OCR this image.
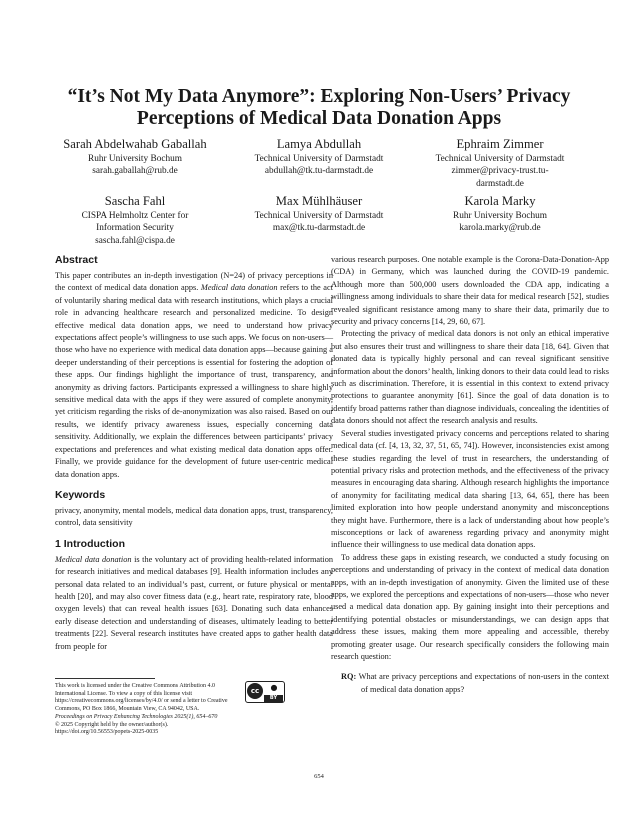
“It’s Not My Data Anymore”: Exploring Non-Users’ Privacy Perceptions of Medical Data Donation Apps
Sarah Abdelwahab Gaballah
Ruhr University Bochum
sarah.gaballah@rub.de
Lamya Abdullah
Technical University of Darmstadt
abdullah@tk.tu-darmstadt.de
Ephraim Zimmer
Technical University of Darmstadt
zimmer@privacy-trust.tu-
darmstadt.de
Sascha Fahl
CISPA Helmholtz Center for
Information Security
sascha.fahl@cispa.de
Max Mühlhäuser
Technical University of Darmstadt
max@tk.tu-darmstadt.de
Karola Marky
Ruhr University Bochum
karola.marky@rub.de
Abstract

This paper contributes an in-depth investigation (N=24) of privacy perceptions in the context of medical data donation apps. Medical data donation refers to the act of voluntarily sharing medical data with research institutions, which plays a crucial role in advancing healthcare research and personalized medicine. To design effective medical data donation apps, we need to understand how privacy expectations affect people’s willingness to use such apps. We focus on non-users—those who have no experience with medical data donation apps—because gaining a deeper understanding of their perceptions is essential for fostering the adoption of these apps. Our findings highlight the importance of trust, transparency, and anonymity as driving factors. Participants expressed a willingness to share highly sensitive medical data with the apps if they were assured of complete anonymity, yet criticism regarding the risks of de-anonymization was also raised. Based on our results, we identify privacy awareness issues, especially concerning data sensitivity. Additionally, we explain the differences between participants’ privacy expectations and preferences and what existing medical data donation apps offer. Finally, we provide guidance for the development of future user-centric medical data donation apps.

Keywords

privacy, anonymity, mental models, medical data donation apps, trust, transparency, control, data sensitivity

1 Introduction

Medical data donation is the voluntary act of providing health-related information for research initiatives and medical databases [9]. Health information includes any personal data related to an individual’s past, current, or future physical or mental health [20], and may also cover fitness data (e.g., heart rate, respiratory rate, blood oxygen levels) that can reveal health issues [63]. Donating such data enhances early disease detection and understanding of diseases, ultimately leading to better treatments [22]. Several research institutes have created apps to gather health data from people for

various research purposes. One notable example is the Corona-Data-Donation-App (CDA) in Germany, which was launched during the COVID-19 pandemic. Although more than 500,000 users downloaded the CDA app, indicating a willingness among individuals to share their data for medical research [52], studies revealed significant resistance among many to share their data, primarily due to security and privacy concerns [14, 29, 60, 67].

Protecting the privacy of medical data donors is not only an ethical imperative but also ensures their trust and willingness to share their data [18, 64]. Given that donated data is typically highly personal and can reveal significant sensitive information about the donors’ health, linking donors to their data could lead to risks such as discrimination. Therefore, it is essential in this context to extend privacy protections to guarantee anonymity [61]. Since the goal of data donation is to identify broad patterns rather than diagnose individuals, concealing the identities of data donors should not affect the research analysis and results.

Several studies investigated privacy concerns and perceptions related to sharing medical data (cf. [4, 13, 32, 37, 51, 65, 74]). However, inconsistencies exist among these studies regarding the level of trust in researchers, the understanding of potential privacy risks and protection methods, and the effectiveness of the privacy measures in encouraging data sharing. Although research highlights the importance of anonymity for facilitating medical data sharing [13, 64, 65], there has been limited exploration into how people understand anonymity and misconceptions they might have. Furthermore, there is a lack of understanding about how people’s misconceptions or lack of awareness regarding privacy and anonymity might influence their willingness to use medical data donation apps.

To address these gaps in existing research, we conducted a study focusing on perceptions and understanding of privacy in the context of medical data donation apps, with an in-depth investigation of anonymity. Given the limited use of these apps, we explored the perceptions and expectations of non-users—those who never used a medical data donation app. By gaining insight into their perceptions and identifying potential obstacles or misunderstandings, we can design apps that address these issues, making them more appealing and accessible, thereby promoting greater usage. Our research specifically considers the following main research question:

RQ: What are privacy perceptions and expectations of non-users in the context of medical data donation apps?

This work is licensed under the Creative Commons Attribution 4.0 International License. To view a copy of this license visit https://creativecommons.org/licenses/by/4.0/ or send a letter to Creative Commons, PO Box 1866, Mountain View, CA 94042, USA.
Proceedings on Privacy Enhancing Technologies 2025(1), 654–670
© 2025 Copyright held by the owner/author(s).
https://doi.org/10.56553/popets-2025-0035
cc	●
BY
654
